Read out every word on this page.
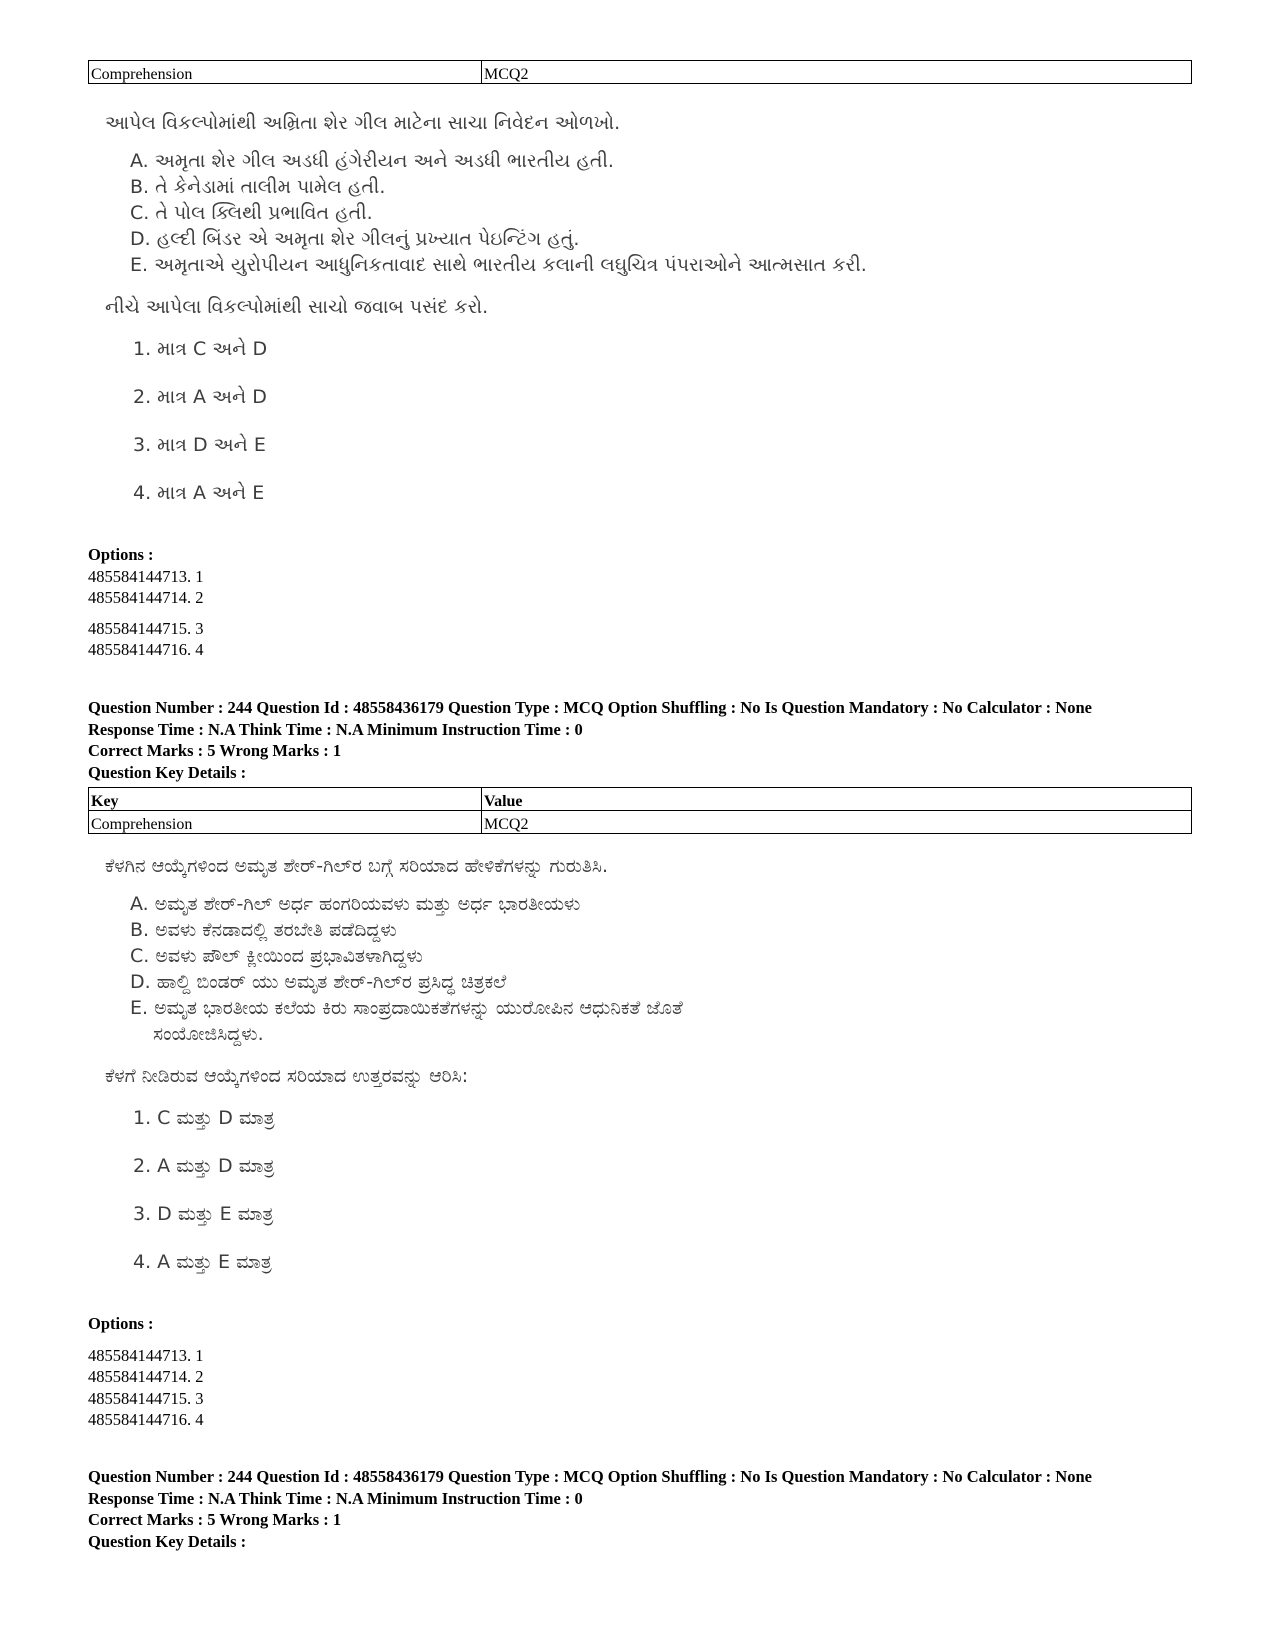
Comprehension	MCQ2
આપેલ વિકલ્પોમાંથી અમ્રિતા શેર ગીલ માટેના સાચા નિવેદન ઓળખો.
A. અમૃતા શેર ગીલ અડધી હંગેરીયન અને અડધી ભારતીય હતી.
B. તે કેનેડામાં તાલીમ પામેલ હતી.
C. તે પોલ ક્લિથી પ્રભાવિત હતી.
D. હલ્દી બિંડર એ અમૃતા શેર ગીલનું પ્રખ્યાત પેઇન્ટિંગ હતું.
E. અમૃતાએ યુરોપીયન આધુનિકતાવાદ સાથે ભારતીય કલાની લઘુચિત્ર પંપરાઓને આત્મસાત કરી.
નીચે આપેલા વિકલ્પોમાંથી સાચો જવાબ પસંદ કરો.
1. માત્ર C અને D
2. માત્ર A અને D
3. માત્ર D અને E
4. માત્ર A અને E
Options :
485584144713. 1
485584144714. 2
485584144715. 3
485584144716. 4
Question Number : 244 Question Id : 48558436179 Question Type : MCQ Option Shuffling : No Is Question Mandatory : No Calculator : None
Response Time : N.A Think Time : N.A Minimum Instruction Time : 0
Correct Marks : 5 Wrong Marks : 1
Question Key Details :
Key	Value
Comprehension	MCQ2
ಕೆಳಗಿನ ಆಯ್ಕೆಗಳಿಂದ ಅಮೃತ ಶೇರ್-ಗಿಲ್‌ರ ಬಗ್ಗೆ ಸರಿಯಾದ ಹೇಳಿಕೆಗಳನ್ನು ಗುರುತಿಸಿ.
A. ಅಮೃತ ಶೇರ್-ಗಿಲ್ ಅರ್ಧ ಹಂಗರಿಯವಳು ಮತ್ತು ಅರ್ಧ ಭಾರತೀಯಳು
B. ಅವಳು ಕೆನಡಾದಲ್ಲಿ ತರಬೇತಿ ಪಡೆದಿದ್ದಳು
C. ಅವಳು ಪೌಲ್ ಕ್ಲೀಯಿಂದ ಪ್ರಭಾವಿತಳಾಗಿದ್ದಳು
D. ಹಾಲ್ದಿ ಬಿಂಡರ್ ಯು ಅಮೃತ ಶೇರ್-ಗಿಲ್‌ರ ಪ್ರಸಿದ್ಧ ಚಿತ್ರಕಲೆ
E. ಅಮೃತ ಭಾರತೀಯ ಕಲೆಯ ಕಿರು ಸಾಂಪ್ರದಾಯಿಕತೆಗಳನ್ನು ಯುರೋಪಿನ ಆಧುನಿಕತೆ ಜೊತೆ
ಸಂಯೋಜಿಸಿದ್ದಳು.
ಕೆಳಗೆ ನೀಡಿರುವ ಆಯ್ಕೆಗಳಿಂದ ಸರಿಯಾದ ಉತ್ತರವನ್ನು ಆರಿಸಿ:
1. C ಮತ್ತು D ಮಾತ್ರ
2. A ಮತ್ತು D ಮಾತ್ರ
3. D ಮತ್ತು E ಮಾತ್ರ
4. A ಮತ್ತು E ಮಾತ್ರ
Options :
485584144713. 1
485584144714. 2
485584144715. 3
485584144716. 4
Question Number : 244 Question Id : 48558436179 Question Type : MCQ Option Shuffling : No Is Question Mandatory : No Calculator : None
Response Time : N.A Think Time : N.A Minimum Instruction Time : 0
Correct Marks : 5 Wrong Marks : 1
Question Key Details :
